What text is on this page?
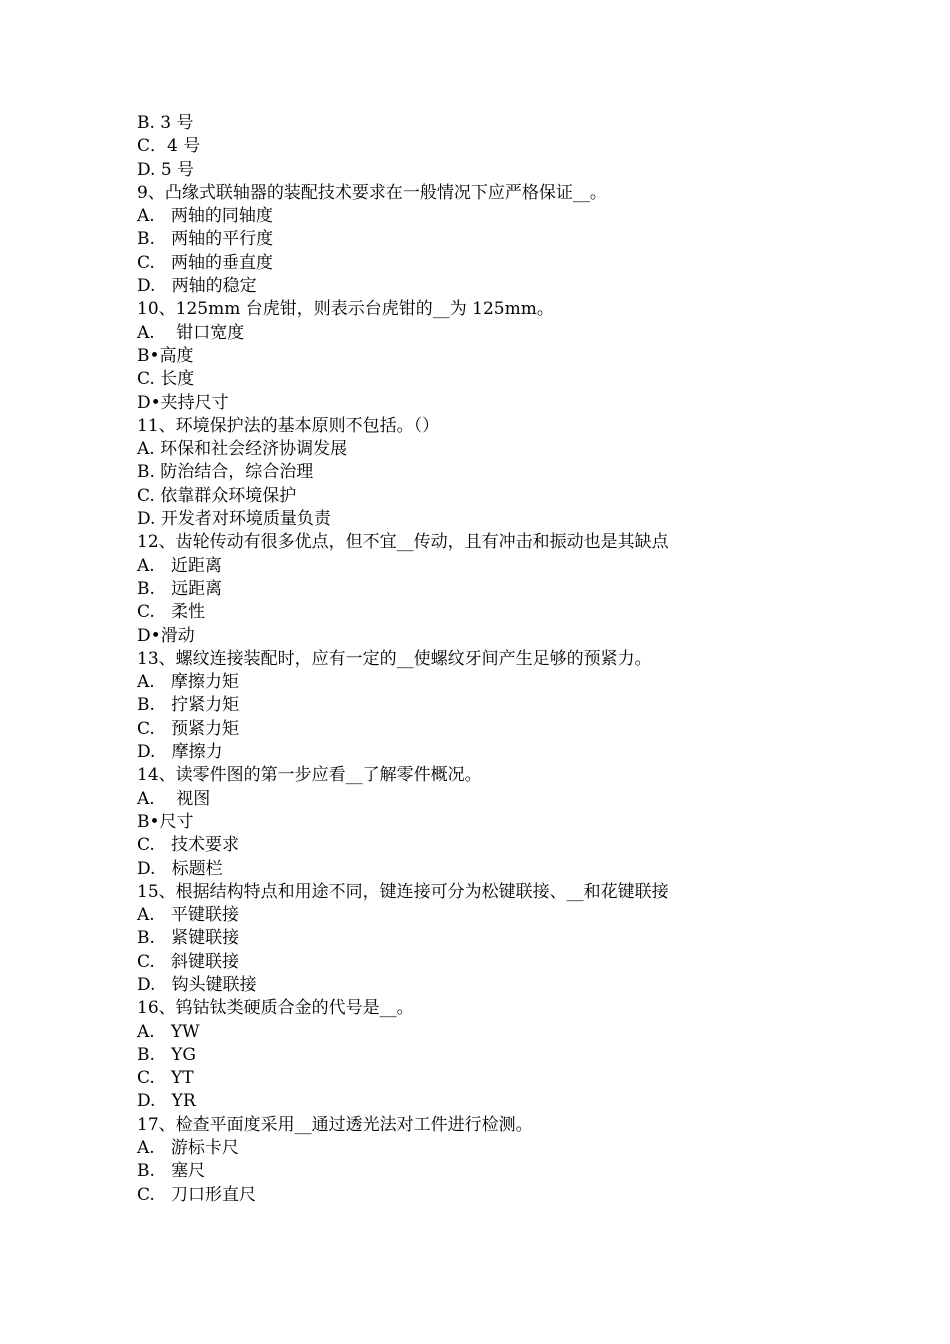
B. 3 号
C．4 号
D. 5 号
9、凸缘式联轴器的装配技术要求在一般情况下应严格保证__。
A.   两轴的同轴度
B.   两轴的平行度
C.   两轴的垂直度
D.   两轴的稳定
10、125mm 台虎钳，则表示台虎钳的__为 125mm。
A.    钳口宽度
B•高度
C. 长度
D•夹持尺寸
11、环境保护法的基本原则不包括。（）
A. 环保和社会经济协调发展
B. 防治结合，综合治理
C. 依靠群众环境保护
D. 开发者对环境质量负责
12、齿轮传动有很多优点，但不宜__传动，且有冲击和振动也是其缺点
A.   近距离
B.   远距离
C.   柔性
D•滑动
13、螺纹连接装配时，应有一定的__使螺纹牙间产生足够的预紧力。
A.   摩擦力矩
B.   拧紧力矩
C.   预紧力矩
D.   摩擦力
14、读零件图的第一步应看__了解零件概况。
A.    视图
B•尺寸
C.   技术要求
D.   标题栏
15、根据结构特点和用途不同，键连接可分为松键联接、__和花键联接
A.   平键联接
B.   紧键联接
C.   斜键联接
D.   钩头键联接
16、钨钴钛类硬质合金的代号是__。
A.   YW
B.   YG
C.   YT
D.   YR
17、检查平面度采用__通过透光法对工件进行检测。
A.   游标卡尺
B.   塞尺
C.   刀口形直尺
